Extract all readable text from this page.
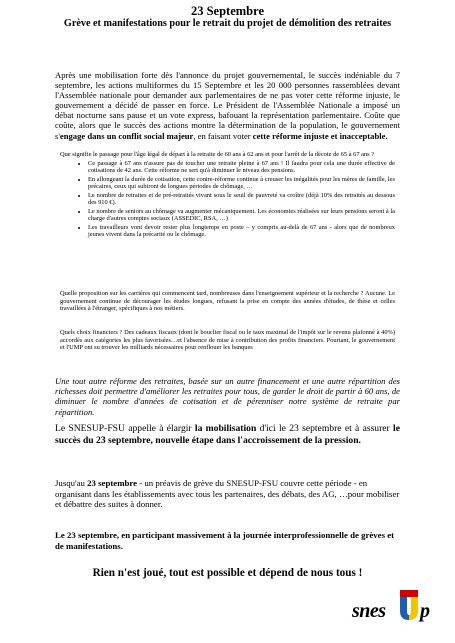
23 Septembre
Grève et manifestations pour le retrait du projet de démolition des retraites
Après une mobilisation forte dès l'annonce du projet gouvernemental, le succès indéniable du 7 septembre, les actions multiformes du 15 Septembre et les 20 000 personnes rassemblées devant l'Assemblée nationale pour demander aux parlementaires de ne pas voter cette réforme injuste, le gouvernement a décidé de passer en force. Le Président de l'Assemblée Nationale a imposé un débat nocturne sans pause et un vote express, bafouant la représentation parlementaire. Coûte que coûte, alors que le succès des actions montre la détermination de la population, le gouvernement s'engage dans un conflit social majeur, en faisant voter cette réforme injuste et inacceptable.
Que signifie le passage pour l'âge légal de départ à la retraite de 60 ans à 62 ans et pour l'arrêt de la décote de 65 à 67 ans ?
• Ce passage à 67 ans n'assure pas de toucher une retraite pleine à 67 ans ! Il faudra pour cela une durée effective de cotisations de 42 ans. Cette réforme ne sert qu'à diminuer le niveau des pensions.
• En allongeant la durée de cotisation, cette contre-réforme continue à creuser les inégalités pour les mères de famille, les précaires, ceux qui subiront de longues périodes de chômage, …
• Le nombre de retraites et de pré-retraités vivant sous le seuil de pauvreté va croître (déjà 10% des retraités au dessous des 910 €).
• Le nombre de seniors au chômage va augmenter mécaniquement. Les économies réalisées sur leurs pensions seront à la charge d'autres comptes sociaux (ASSEDIC, RSA, …)
• Les travailleurs vont devoir rester plus longtemps en poste – y compris au-delà de 67 ans - alors que de nombreux jeunes vivent dans la précarité ou le chômage.
Quelle proposition sur les carrières qui commencent tard, nombreuses dans l'enseignement supérieur et la recherche ? Aucune. Le gouvernement continue de décourager les études longues, refusant la prise en compte des années d'études, de thèse et celles travaillées à l'étranger, spécifiques à nos métiers.
Quels choix financiers ? Des cadeaux fiscaux (dont le bouclier fiscal ou le taux maximal de l'impôt sur le revenu plafonné à 40%) accordés aux catégories les plus favorisées…et l'absence de mise à contribution des profits financiers. Pourtant, le gouvernement et l'UMP ont su trouver les milliards nécessaires pour renflouer les banques
Une tout autre réforme des retraites, basée sur un autre financement et une autre répartition des richesses doit permettre d'améliorer les retraites pour tous, de garder le droit de partir à 60 ans, de diminuer le nombre d'années de cotisation et de pérenniser notre système de retraite par répartition.
Le SNESUP-FSU appelle à élargir la mobilisation d'ici le 23 septembre et à assurer le succès du 23 septembre, nouvelle étape dans l'accroissement de la pression.
Jusqu'au 23 septembre - un préavis de grève du SNESUP-FSU couvre cette période - en organisant dans les établissements avec tous les partenaires, des débats, des AG, …pour mobiliser et débattre des suites à donner.
Le 23 septembre, en participant massivement à la journée interprofessionnelle de grèves et de manifestations.
Rien n'est joué, tout est possible et dépend de nous tous !
snes p
